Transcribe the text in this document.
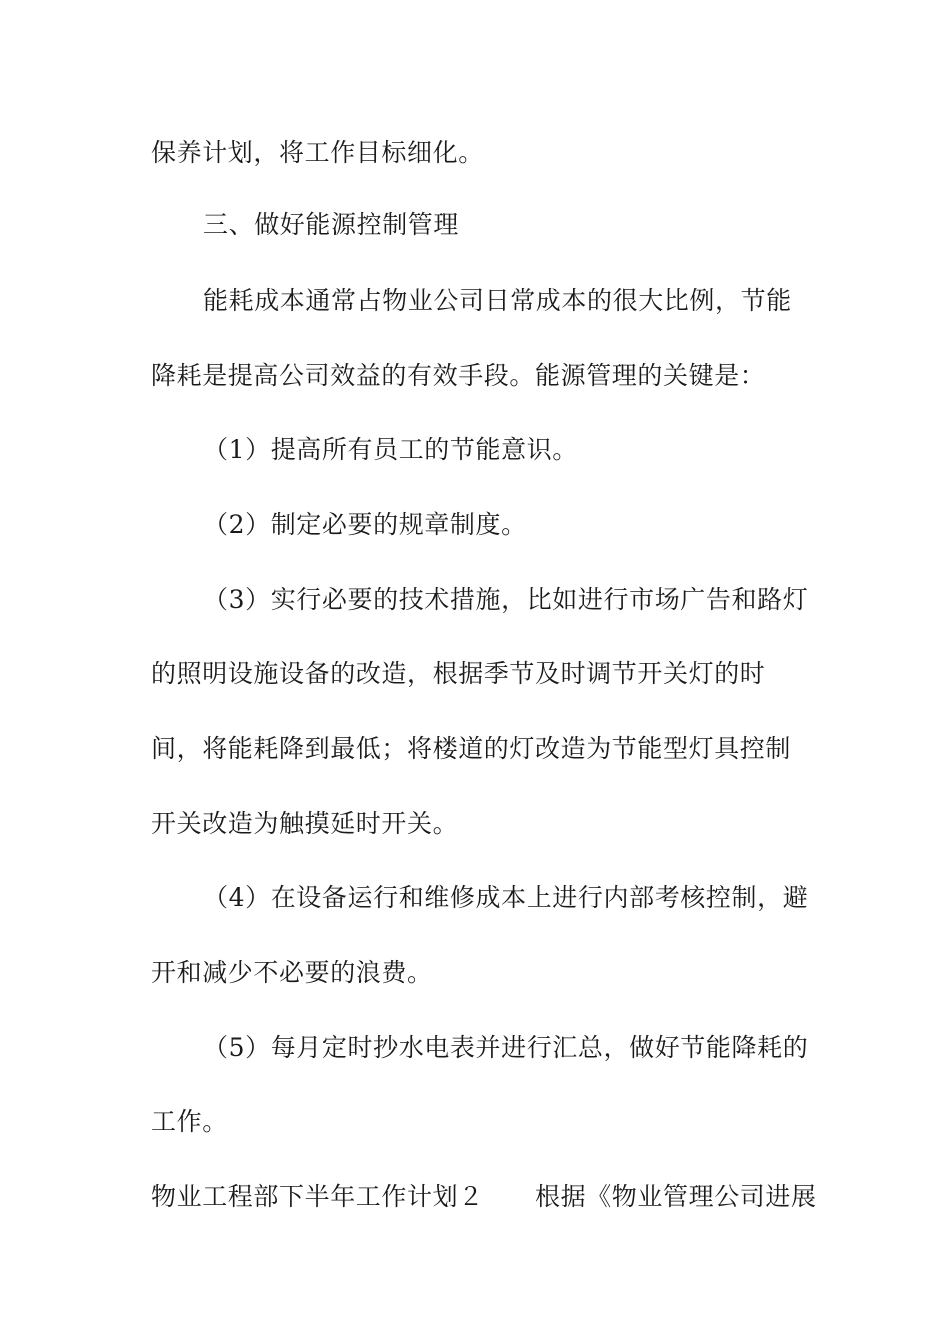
保养计划，将工作目标细化。
三、做好能源控制管理
能耗成本通常占物业公司日常成本的很大比例，节能
降耗是提高公司效益的有效手段。能源管理的关键是：
（1）提高所有员工的节能意识。
（2）制定必要的规章制度。
（3）实行必要的技术措施，比如进行市场广告和路灯
的照明设施设备的改造，根据季节及时调节开关灯的时
间，将能耗降到最低；将楼道的灯改造为节能型灯具控制
开关改造为触摸延时开关。
（4）在设备运行和维修成本上进行内部考核控制，避
开和减少不必要的浪费。
（5）每月定时抄水电表并进行汇总，做好节能降耗的
工作。
物业工程部下半年工作计划２　　根据《物业管理公司进展
